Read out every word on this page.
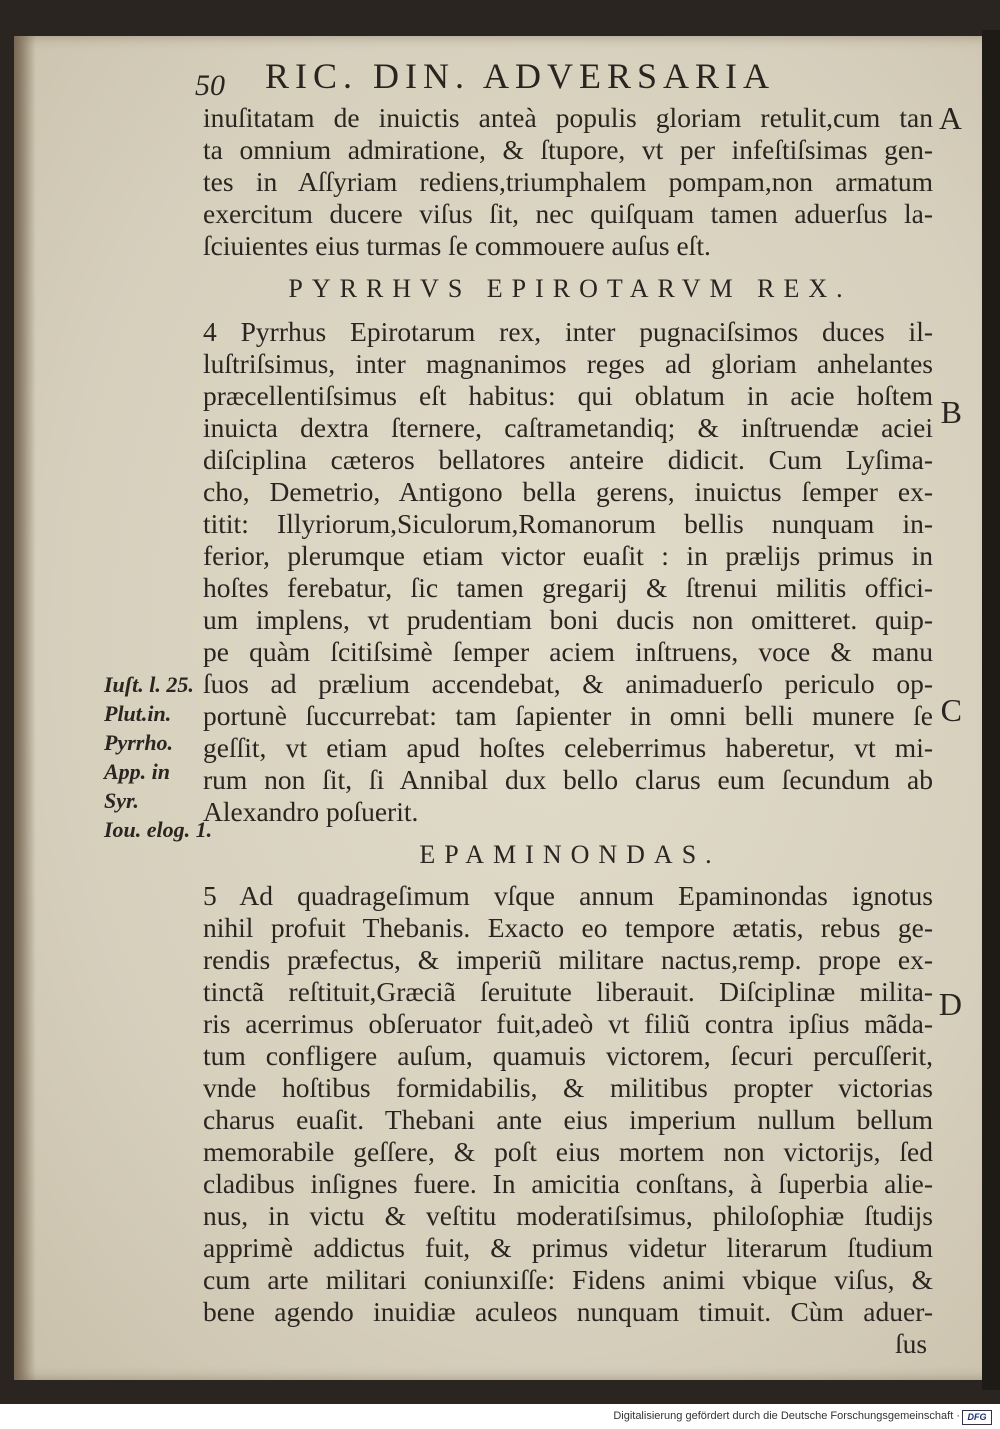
50 RIC. DIN. ADVERSARIA
inuſitatam de inuictis anteà populis gloriam retulit,cum tan
ta omnium admiratione, & ſtupore, vt per infeſtiſsimas gen-
tes in Aſſyriam rediens,triumphalem pompam,non armatum
exercitum ducere viſus ſit, nec quiſquam tamen aduerſus la-
ſciuientes eius turmas ſe commouere auſus eſt.
PYRRHVS EPIROTARVM REX.
4 Pyrrhus Epirotarum rex, inter pugnaciſsimos duces il-
luſtriſsimus, inter magnanimos reges ad gloriam anhelantes
præcellentiſsimus eſt habitus: qui oblatum in acie hoſtem
inuicta dextra ſternere, caſtrametandiq; & inſtruendæ aciei
diſciplina cæteros bellatores anteire didicit. Cum Lyſima-
cho, Demetrio, Antigono bella gerens, inuictus ſemper ex-
titit: Illyriorum,Siculorum,Romanorum bellis nunquam in-
ferior, plerumque etiam victor euaſit : in prælijs primus in
hoſtes ferebatur, ſic tamen gregarij & ſtrenui militis offici-
um implens, vt prudentiam boni ducis non omitteret. quip-
pe quàm ſcitiſsimè ſemper aciem inſtruens, voce & manu
ſuos ad prælium accendebat, & animaduerſo periculo op-
portunè ſuccurrebat: tam ſapienter in omni belli munere ſe
geſſit, vt etiam apud hoſtes celeberrimus haberetur, vt mi-
rum non ſit, ſi Annibal dux bello clarus eum ſecundum ab
Alexandro poſuerit.
EPAMINONDAS.
5 Ad quadrageſimum vſque annum Epaminondas ignotus
nihil profuit Thebanis. Exacto eo tempore ætatis, rebus ge-
rendis præfectus, & imperiũ militare nactus,remp. prope ex-
tinctã reſtituit,Græciã ſeruitute liberauit. Diſciplinæ milita-
ris acerrimus obſeruator fuit,adeò vt filiũ contra ipſius mãda-
tum confligere auſum, quamuis victorem, ſecuri percuſſerit,
vnde hoſtibus formidabilis, & militibus propter victorias
charus euaſit. Thebani ante eius imperium nullum bellum
memorabile geſſere, & poſt eius mortem non victorijs, ſed
cladibus inſignes fuere. In amicitia conſtans, à ſuperbia alie-
nus, in victu & veſtitu moderatiſsimus, philoſophiæ ſtudijs
apprimè addictus fuit, & primus videtur literarum ſtudium
cum arte militari coniunxiſſe: Fidens animi vbique viſus, &
bene agendo inuidiæ aculeos nunquam timuit. Cùm aduer-
ſus
A
B
C
D
Iuſt. l. 25.
Plut.in.
Pyrrho.
App. in
Syr.
Iou. elog. 1.
Digitalisierung gefördert durch die Deutsche Forschungsgemeinschaft · DFG
